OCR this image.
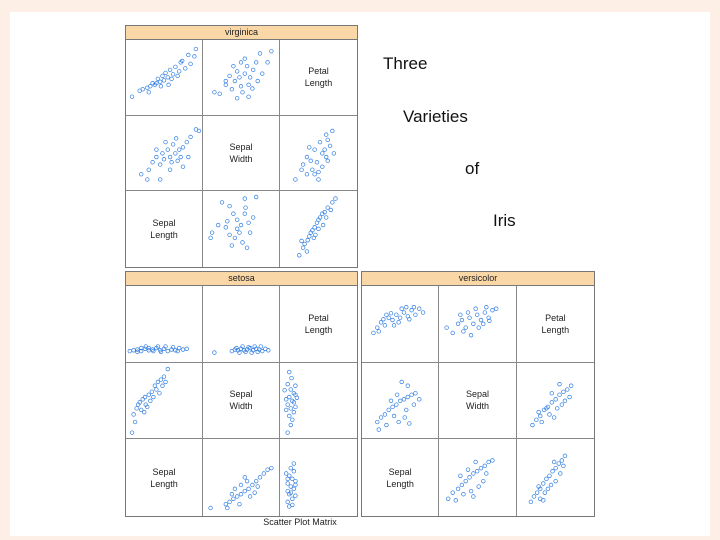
Three
Varieties
of
Iris
virginica
Petal
Length
Sepal
Width
Sepal
Length
setosa
Petal
Length
Sepal
Width
Sepal
Length
versicolor
Petal
Length
Sepal
Width
Sepal
Length
Scatter Plot Matrix
